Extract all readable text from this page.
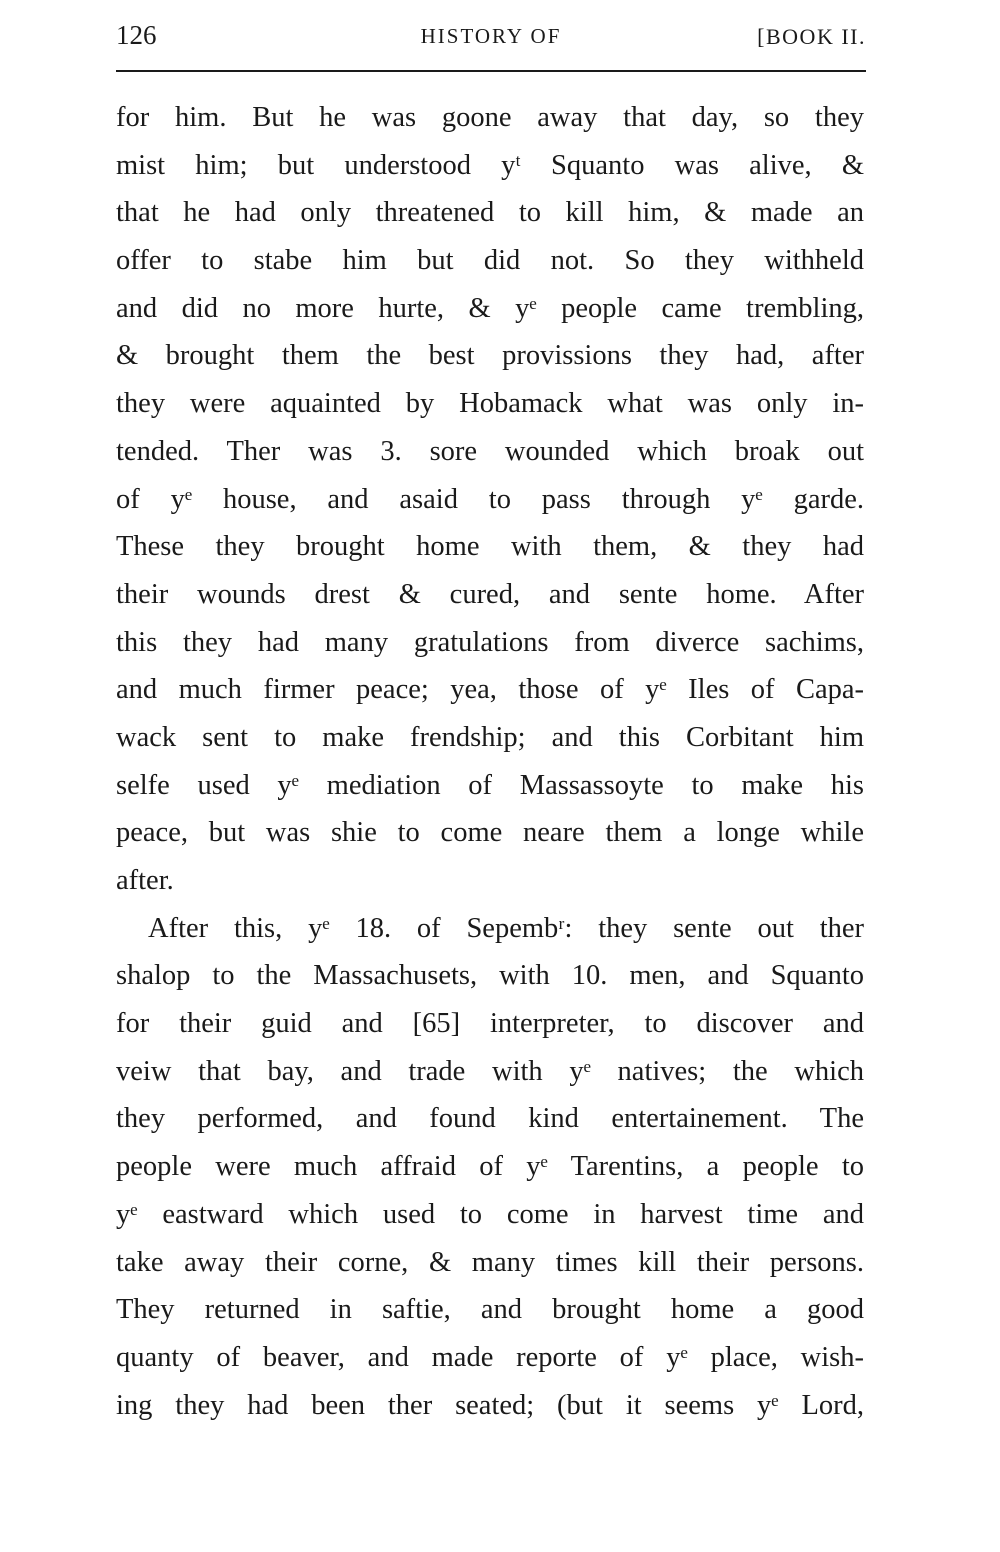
126	HISTORY OF	[BOOK II.
for him. But he was goone away that day, so they
mist him; but understood yᵗ Squanto was alive, &
that he had only threatened to kill him, & made an
offer to stabe him but did not. So they withheld
and did no more hurte, & yᵉ people came trembling,
& brought them the best provissions they had, after
they were aquainted by Hobamack what was only in-
tended. Ther was 3. sore wounded which broak out
of yᵉ house, and asaid to pass through yᵉ garde.
These they brought home with them, & they had
their wounds drest & cured, and sente home. After
this they had many gratulations from diverce sachims,
and much firmer peace; yea, those of yᵉ Iles of Capa-
wack sent to make frendship; and this Corbitant him
selfe used yᵉ mediation of Massassoyte to make his
peace, but was shie to come neare them a longe while
after.
After this, yᵉ 18. of Sepembʳ: they sente out ther
shalop to the Massachusets, with 10. men, and Squanto
for their guid and [65] interpreter, to discover and
veiw that bay, and trade with yᵉ natives; the which
they performed, and found kind entertainement. The
people were much affraid of yᵉ Tarentins, a people to
yᵉ eastward which used to come in harvest time and
take away their corne, & many times kill their persons.
They returned in saftie, and brought home a good
quanty of beaver, and made reporte of yᵉ place, wish-
ing they had been ther seated; (but it seems yᵉ Lord,
